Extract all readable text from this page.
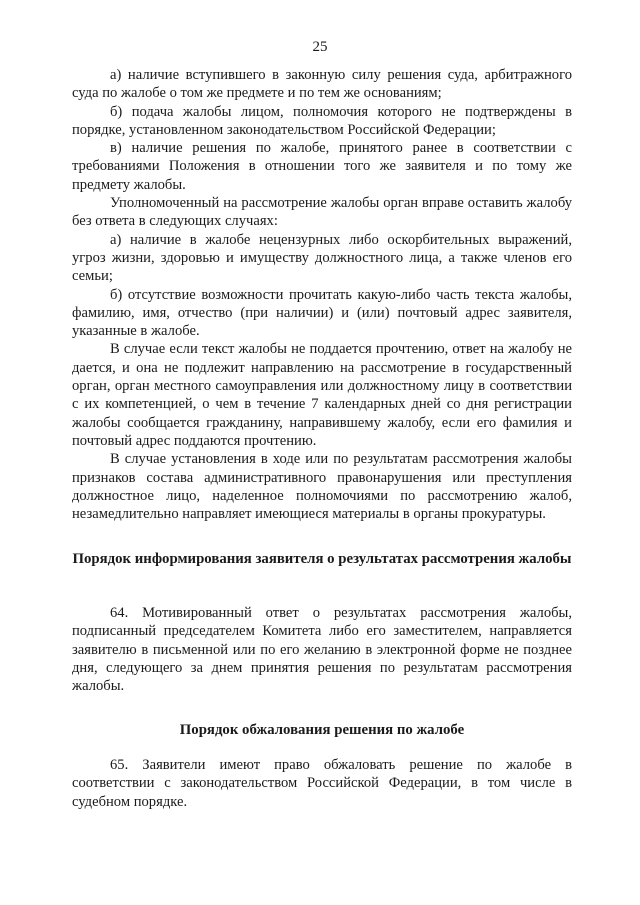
25

а) наличие вступившего в законную силу решения суда, арбитражного суда по жалобе о том же предмете и по тем же основаниям;

б) подача жалобы лицом, полномочия которого не подтверждены в порядке, установленном законодательством Российской Федерации;

в) наличие решения по жалобе, принятого ранее в соответствии с требованиями Положения в отношении того же заявителя и по тому же предмету жалобы.

Уполномоченный на рассмотрение жалобы орган вправе оставить жалобу без ответа в следующих случаях:

а) наличие в жалобе нецензурных либо оскорбительных выражений, угроз жизни, здоровью и имуществу должностного лица, а также членов его семьи;

б) отсутствие возможности прочитать какую-либо часть текста жалобы, фамилию, имя, отчество (при наличии) и (или) почтовый адрес заявителя, указанные в жалобе.

В случае если текст жалобы не поддается прочтению, ответ на жалобу не дается, и она не подлежит направлению на рассмотрение в государственный орган, орган местного самоуправления или должностному лицу в соответствии с их компетенцией, о чем в течение 7 календарных дней со дня регистрации жалобы сообщается гражданину, направившему жалобу, если его фамилия и почтовый адрес поддаются прочтению.

В случае установления в ходе или по результатам рассмотрения жалобы признаков состава административного правонарушения или преступления должностное лицо, наделенное полномочиями по рассмотрению жалоб, незамедлительно направляет имеющиеся материалы в органы прокуратуры.

Порядок информирования заявителя о результатах рассмотрения жалобы

64. Мотивированный ответ о результатах рассмотрения жалобы, подписанный председателем Комитета либо его заместителем, направляется заявителю в письменной или по его желанию в электронной форме не позднее дня, следующего за днем принятия решения по результатам рассмотрения жалобы.

Порядок обжалования решения по жалобе

65. Заявители имеют право обжаловать решение по жалобе в соответствии с законодательством Российской Федерации, в том числе в судебном порядке.
